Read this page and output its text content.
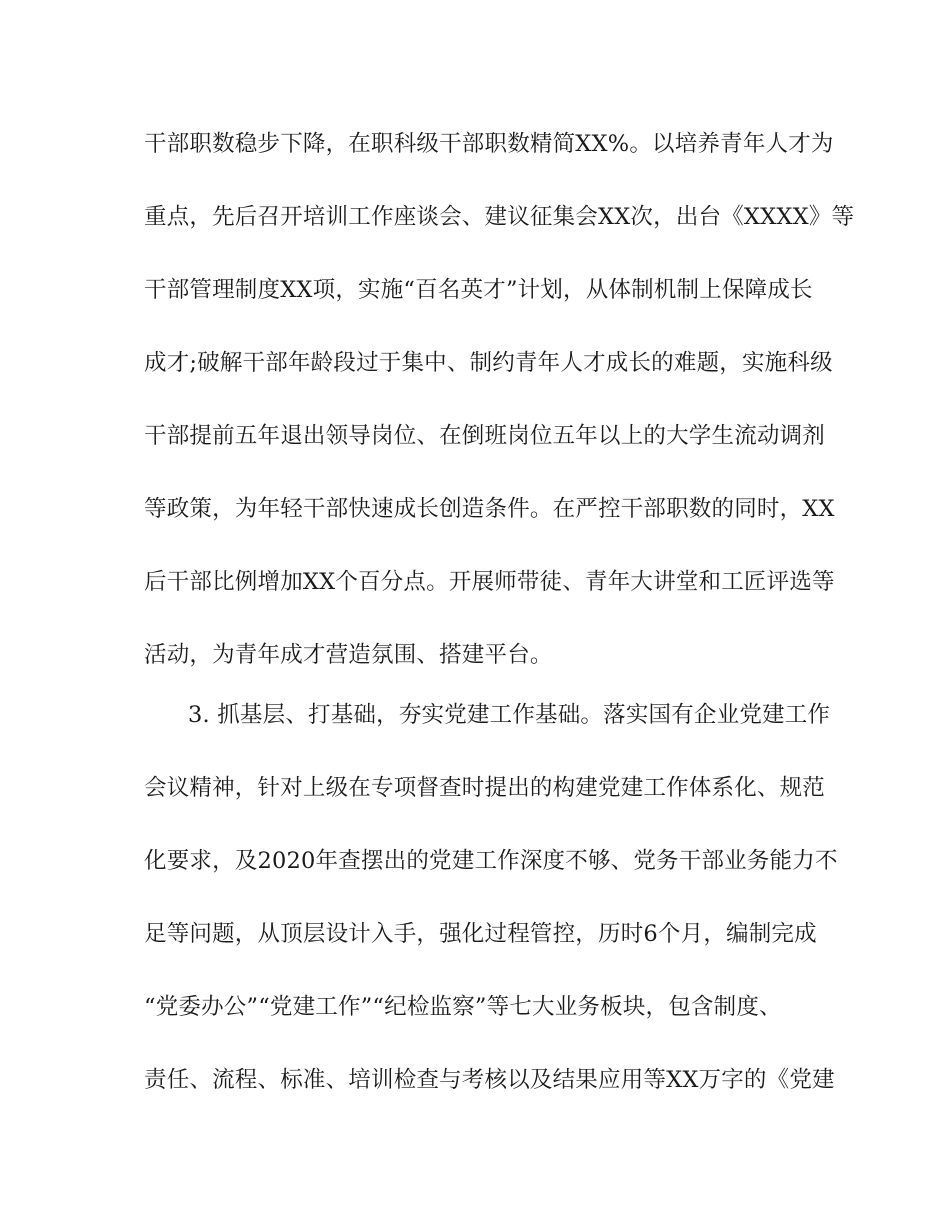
干部职数稳步下降，在职科级干部职数精简XX%。以培养青年人才为
重点，先后召开培训工作座谈会、建议征集会XX次，出台《XXXX》等
干部管理制度XX项，实施“百名英才”计划，从体制机制上保障成长
成才;破解干部年龄段过于集中、制约青年人才成长的难题，实施科级
干部提前五年退出领导岗位、在倒班岗位五年以上的大学生流动调剂
等政策，为年轻干部快速成长创造条件。在严控干部职数的同时，XX
后干部比例增加XX个百分点。开展师带徒、青年大讲堂和工匠评选等
活动，为青年成才营造氛围、搭建平台。
3. 抓基层、打基础，夯实党建工作基础。落实国有企业党建工作
会议精神，针对上级在专项督查时提出的构建党建工作体系化、规范
化要求，及2020年查摆出的党建工作深度不够、党务干部业务能力不
足等问题，从顶层设计入手，强化过程管控，历时6个月，编制完成
“党委办公”“党建工作”“纪检监察”等七大业务板块，包含制度、
责任、流程、标准、培训检查与考核以及结果应用等XX万字的《党建
